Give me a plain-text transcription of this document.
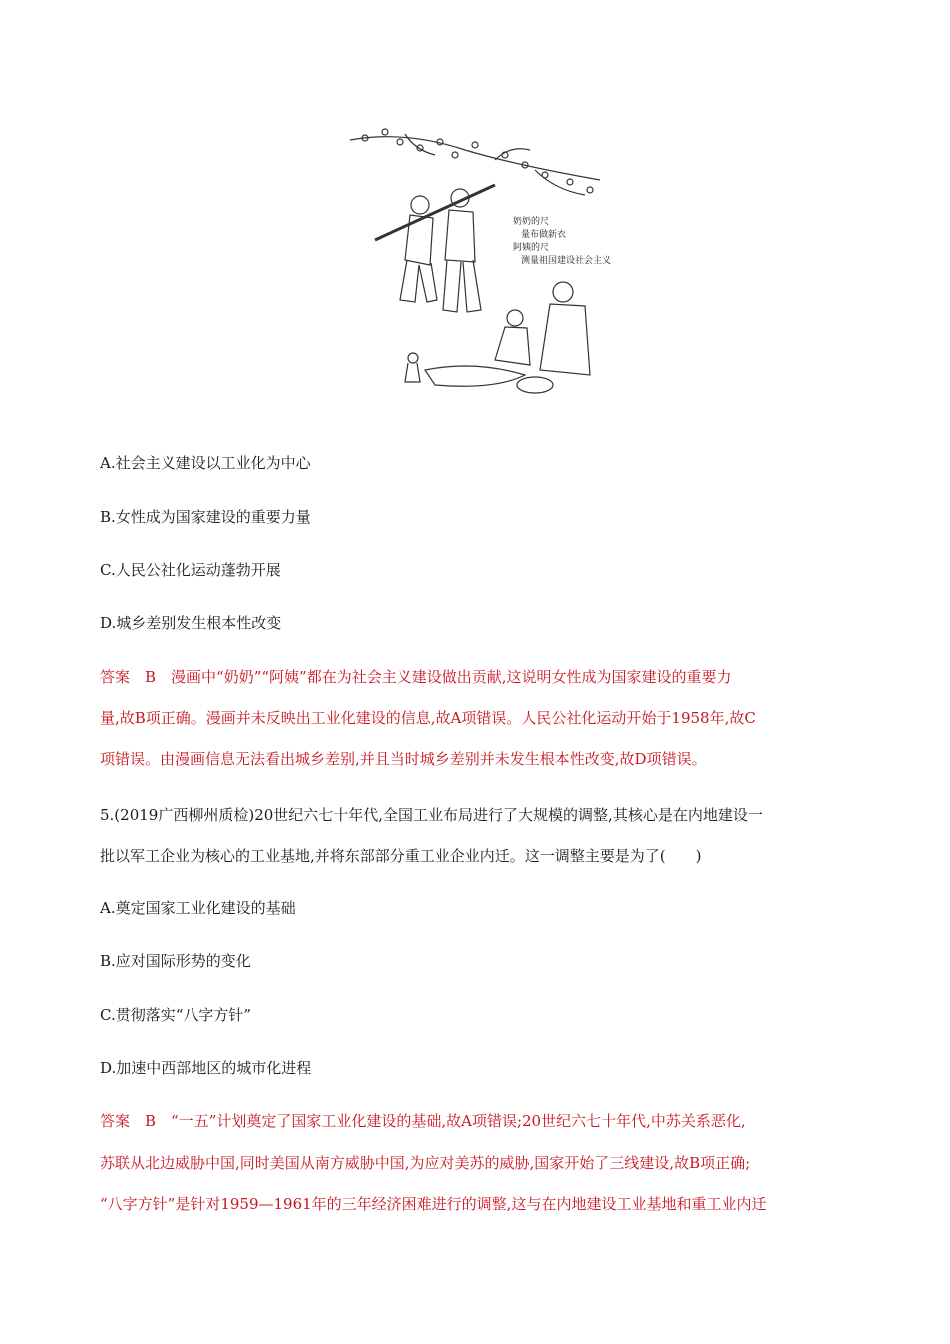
奶奶的尺
量布做新衣
阿姨的尺
测量祖国建设社会主义
A.社会主义建设以工业化为中心
B.女性成为国家建设的重要力量
C.人民公社化运动蓬勃开展
D.城乡差别发生根本性改变
答案　B　漫画中“奶奶”“阿姨”都在为社会主义建设做出贡献,这说明女性成为国家建设的重要力
量,故B项正确。漫画并未反映出工业化建设的信息,故A项错误。人民公社化运动开始于1958年,故C
项错误。由漫画信息无法看出城乡差别,并且当时城乡差别并未发生根本性改变,故D项错误。
5.(2019广西柳州质检)20世纪六七十年代,全国工业布局进行了大规模的调整,其核心是在内地建设一
批以军工企业为核心的工业基地,并将东部部分重工业企业内迁。这一调整主要是为了(　　)
A.奠定国家工业化建设的基础
B.应对国际形势的变化
C.贯彻落实“八字方针”
D.加速中西部地区的城市化进程
答案　B　“一五”计划奠定了国家工业化建设的基础,故A项错误;20世纪六七十年代,中苏关系恶化,
苏联从北边威胁中国,同时美国从南方威胁中国,为应对美苏的威胁,国家开始了三线建设,故B项正确;
“八字方针”是针对1959—1961年的三年经济困难进行的调整,这与在内地建设工业基地和重工业内迁
